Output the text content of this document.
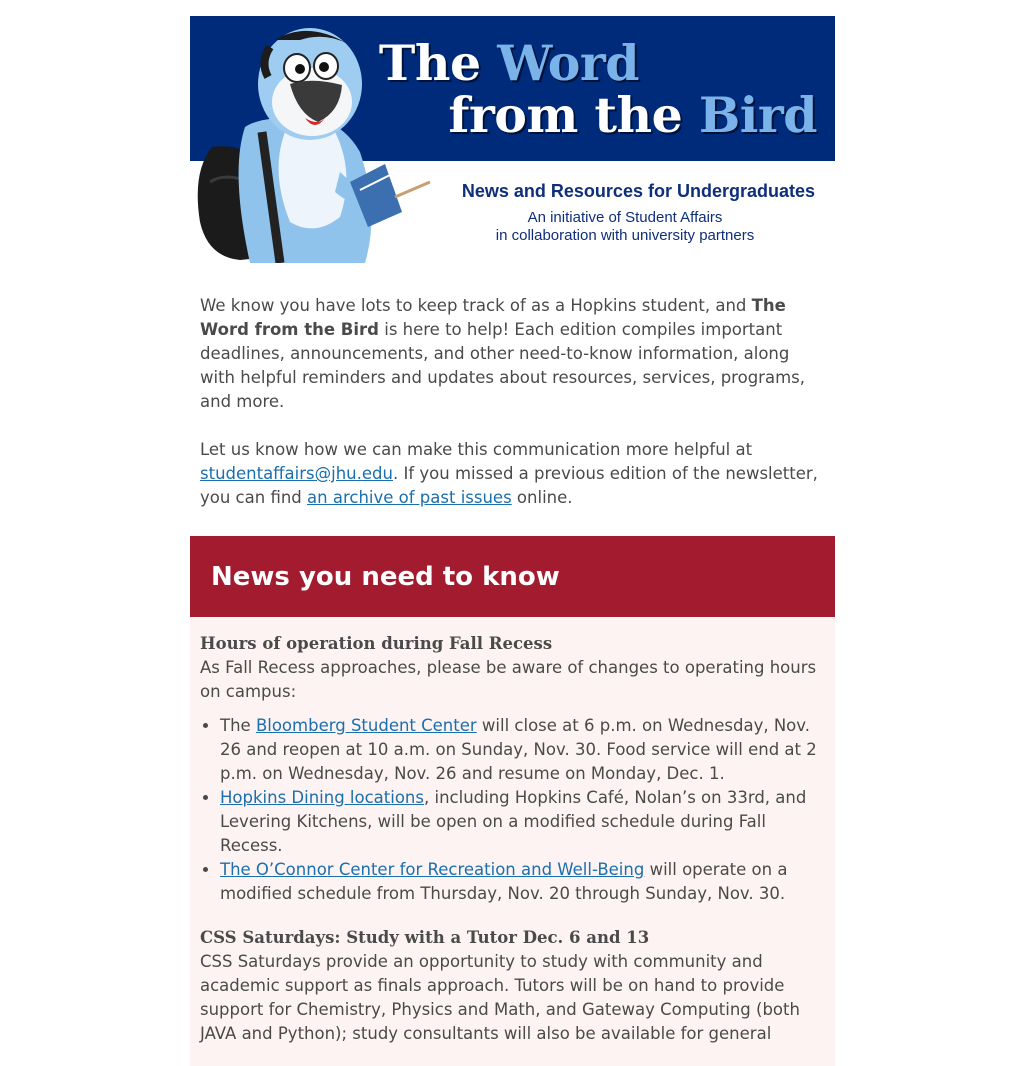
The Word
from the Bird
News and Resources for Undergraduates
An initiative of Student Affairs
in collaboration with university partners

We know you have lots to keep track of as a Hopkins student, and The Word from the Bird is here to help! Each edition compiles important deadlines, announcements, and other need-to-know information, along with helpful reminders and updates about resources, services, programs, and more.

Let us know how we can make this communication more helpful at studentaffairs@jhu.edu. If you missed a previous edition of the newsletter, you can find an archive of past issues online.

News you need to know
Hours of operation during Fall Recess

As Fall Recess approaches, please be aware of changes to operating hours on campus:

• The Bloomberg Student Center will close at 6 p.m. on Wednesday, Nov. 26 and reopen at 10 a.m. on Sunday, Nov. 30. Food service will end at 2 p.m. on Wednesday, Nov. 26 and resume on Monday, Dec. 1.
• Hopkins Dining locations, including Hopkins Café, Nolan’s on 33rd, and Levering Kitchens, will be open on a modified schedule during Fall Recess.
• The O’Connor Center for Recreation and Well-Being will operate on a modified schedule from Thursday, Nov. 20 through Sunday, Nov. 30.
CSS Saturdays: Study with a Tutor Dec. 6 and 13

CSS Saturdays provide an opportunity to study with community and academic support as finals approach. Tutors will be on hand to provide support for Chemistry, Physics and Math, and Gateway Computing (both JAVA and Python); study consultants will also be available for general
